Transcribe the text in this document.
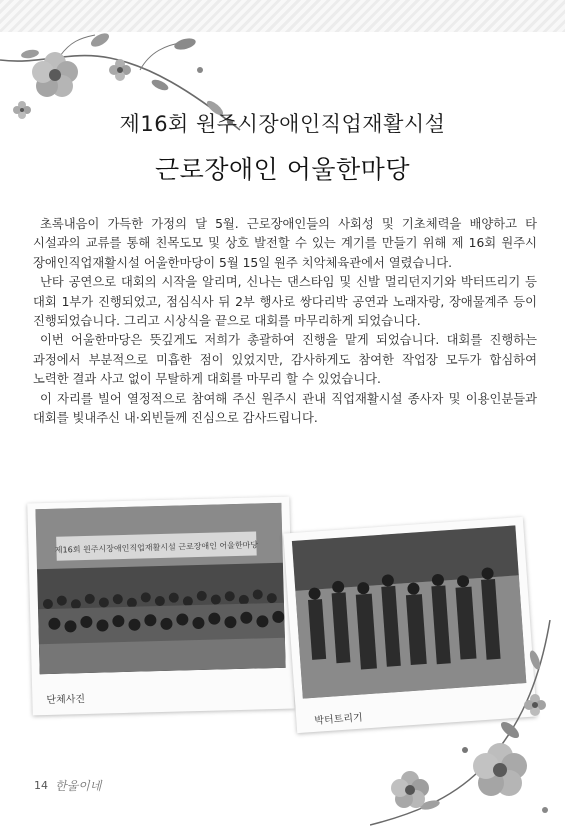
제16회 원주시장애인직업재활시설
근로장애인 어울한마당

초록내음이 가득한 가정의 달 5월. 근로장애인들의 사회성 및 기초체력을 배양하고 타 시설과의 교류를 통해 친목도모 및 상호 발전할 수 있는 계기를 만들기 위해 제 16회 원주시 장애인직업재활시설 어울한마당이 5월 15일 원주 치악체육관에서 열렸습니다.

난타 공연으로 대회의 시작을 알리며, 신나는 댄스타임 및 신발 멀리던지기와 박터뜨리기 등 대회 1부가 진행되었고, 점심식사 뒤 2부 행사로 쌍다리박 공연과 노래자랑, 장애물계주 등이 진행되었습니다. 그리고 시상식을 끝으로 대회를 마무리하게 되었습니다.

이번 어울한마당은 뜻깊게도 저희가 총괄하여 진행을 맡게 되었습니다. 대회를 진행하는 과정에서 부분적으로 미흡한 점이 있었지만, 감사하게도 참여한 작업장 모두가 합심하여 노력한 결과 사고 없이 무탈하게 대회를 마무리 할 수 있었습니다.

이 자리를 빌어 열정적으로 참여해 주신 원주시 관내 직업재활시설 종사자 및 이용인분들과 대회를 빛내주신 내·외빈들께 진심으로 감사드립니다.

제16회 원주시장애인직업재활시설 근로장애인 어울한마당
단체사진
박터트리기
14 한울이네
